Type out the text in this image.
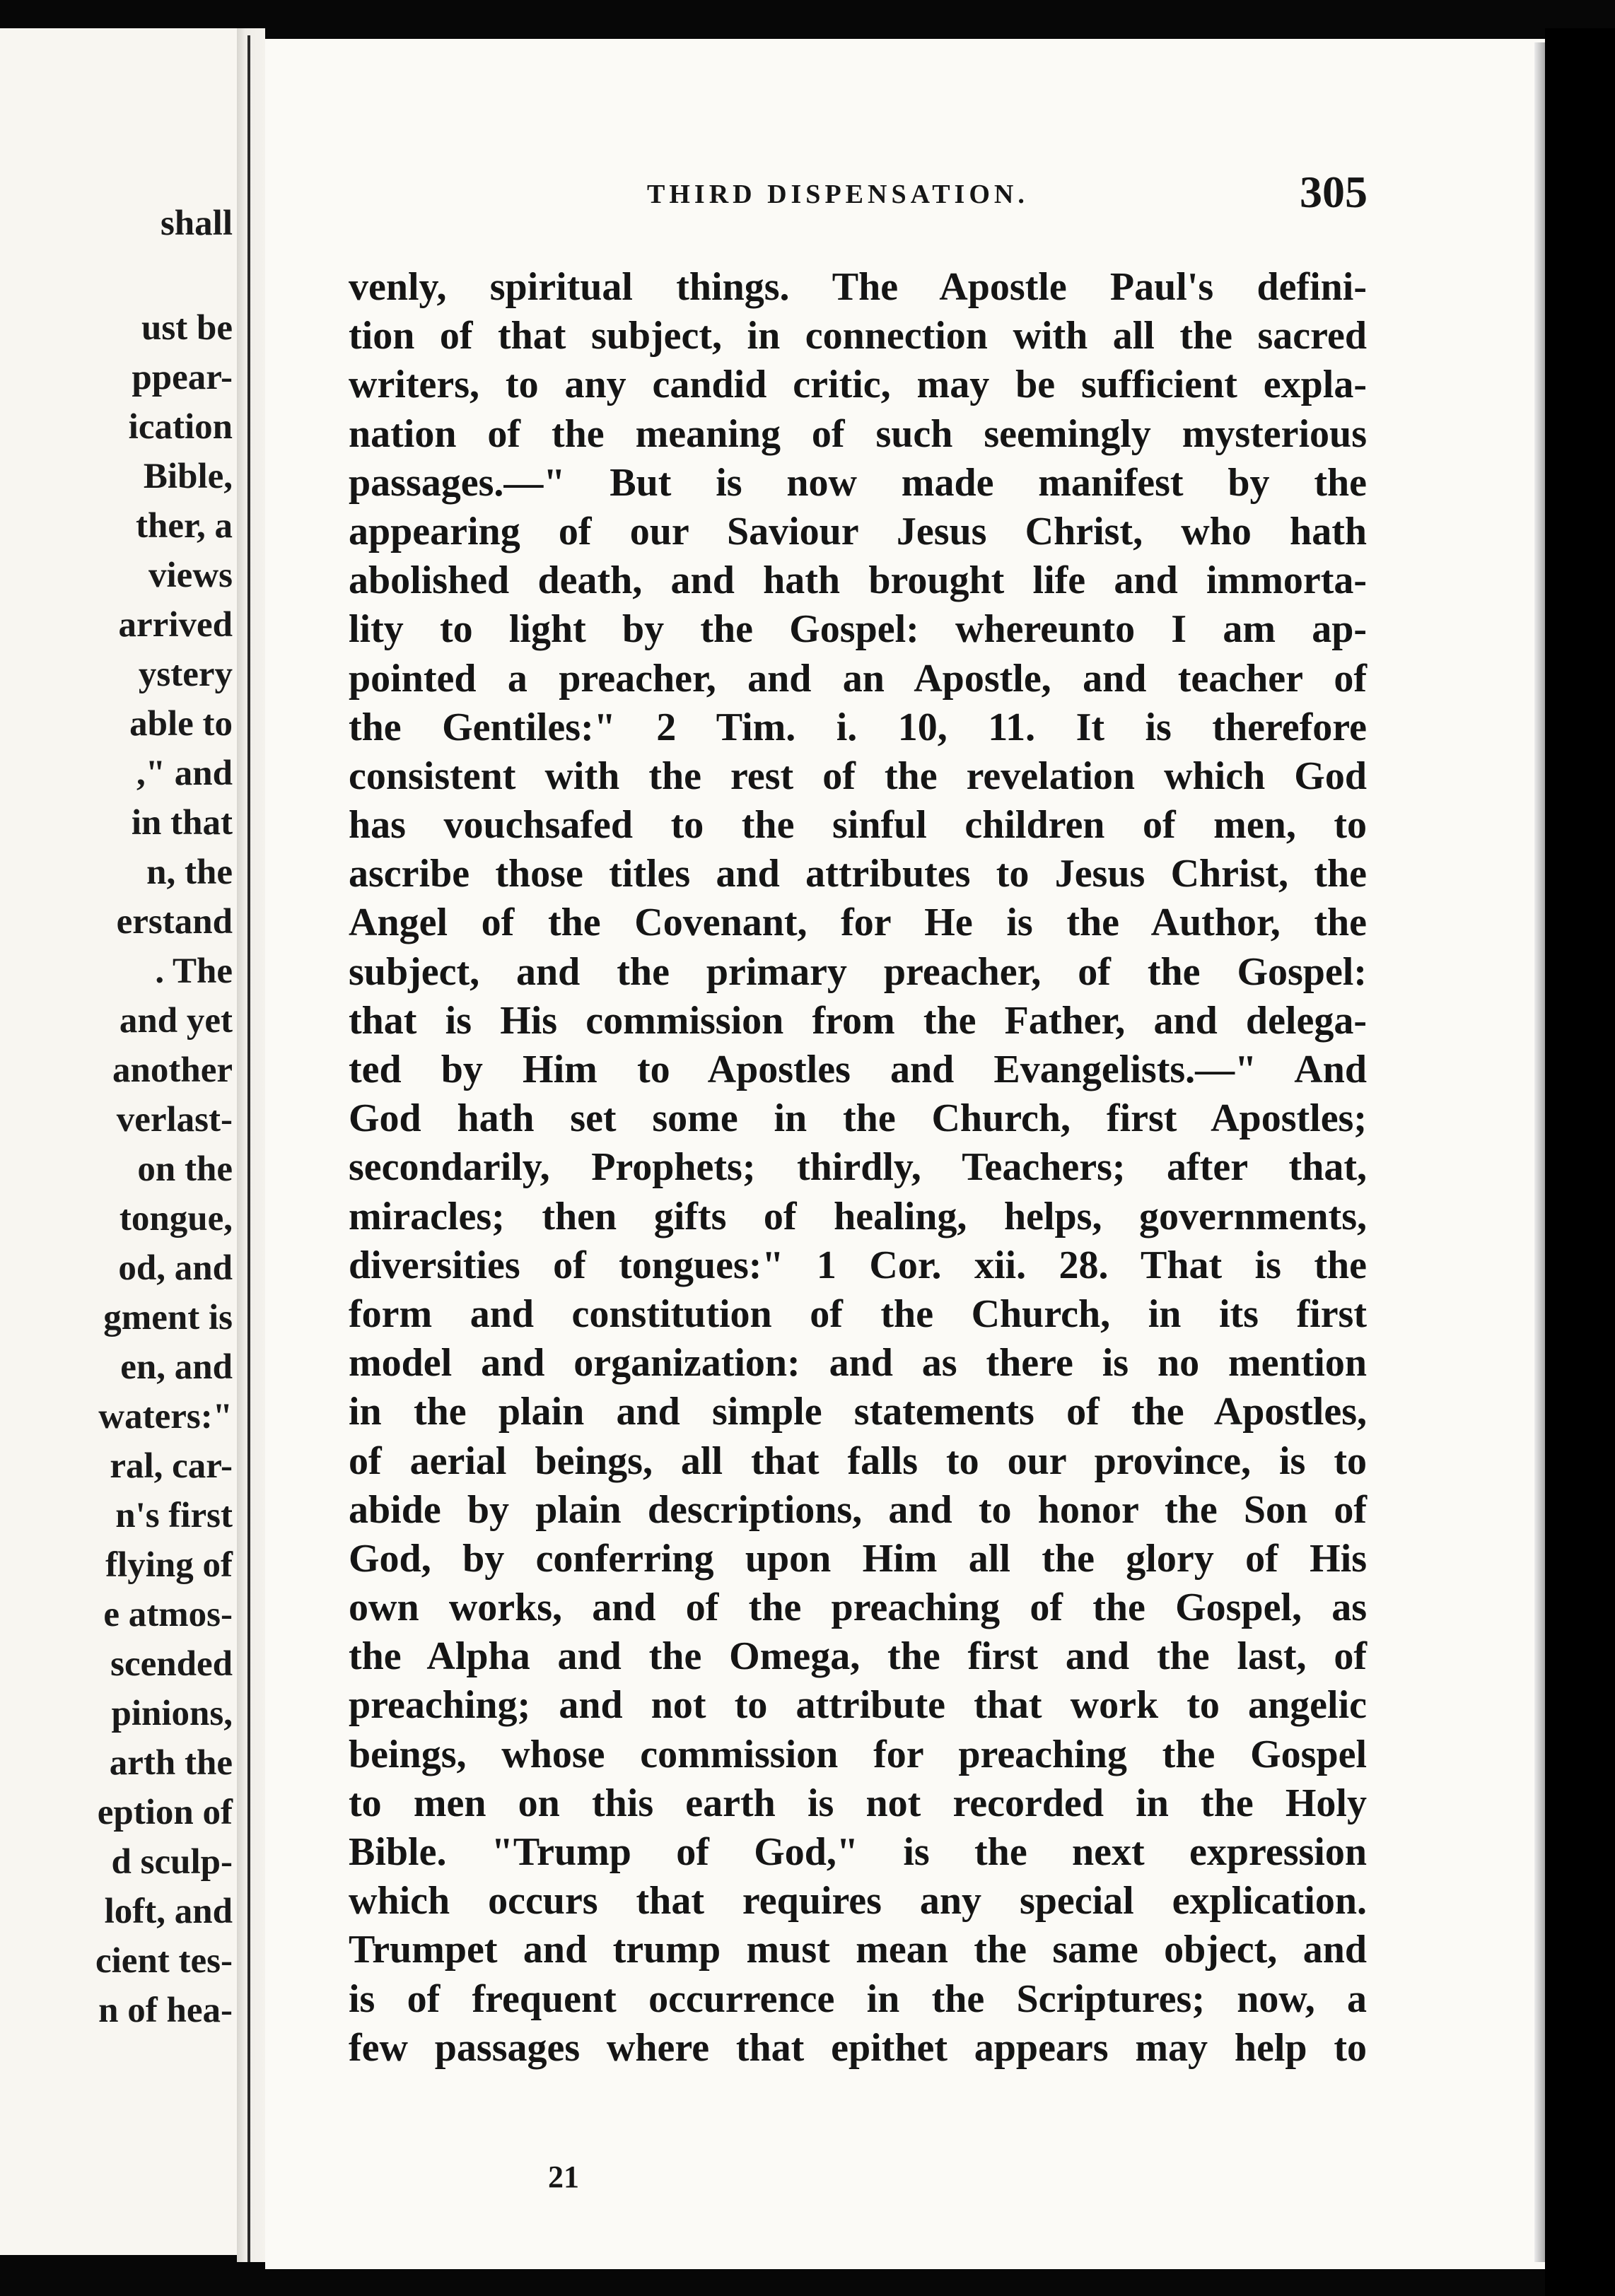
shall
ust be
ppear-
ication
Bible,
ther, a
views
arrived
ystery
able to
," and
in that
n, the
erstand
. The
and yet
another
verlast-
on the
tongue,
od, and
gment is
en, and
waters:"
ral, car-
n's first
flying of
e atmos-
scended
pinions,
arth the
eption of
d sculp-
loft, and
cient tes-
n of hea-
THIRD DISPENSATION.	305
venly, spiritual things. The Apostle Paul's defini-
tion of that subject, in connection with all the sacred
writers, to any candid critic, may be sufficient expla-
nation of the meaning of such seemingly mysterious
passages.—" But is now made manifest by the
appearing of our Saviour Jesus Christ, who hath
abolished death, and hath brought life and immorta-
lity to light by the Gospel: whereunto I am ap-
pointed a preacher, and an Apostle, and teacher of
the Gentiles:" 2 Tim. i. 10, 11. It is therefore
consistent with the rest of the revelation which God
has vouchsafed to the sinful children of men, to
ascribe those titles and attributes to Jesus Christ, the
Angel of the Covenant, for He is the Author, the
subject, and the primary preacher, of the Gospel:
that is His commission from the Father, and delega-
ted by Him to Apostles and Evangelists.—" And
God hath set some in the Church, first Apostles;
secondarily, Prophets; thirdly, Teachers; after that,
miracles; then gifts of healing, helps, governments,
diversities of tongues:" 1 Cor. xii. 28. That is the
form and constitution of the Church, in its first
model and organization: and as there is no mention
in the plain and simple statements of the Apostles,
of aerial beings, all that falls to our province, is to
abide by plain descriptions, and to honor the Son of
God, by conferring upon Him all the glory of His
own works, and of the preaching of the Gospel, as
the Alpha and the Omega, the first and the last, of
preaching; and not to attribute that work to angelic
beings, whose commission for preaching the Gospel
to men on this earth is not recorded in the Holy
Bible. "Trump of God," is the next expression
which occurs that requires any special explication.
Trumpet and trump must mean the same object, and
is of frequent occurrence in the Scriptures; now, a
few passages where that epithet appears may help to
21
